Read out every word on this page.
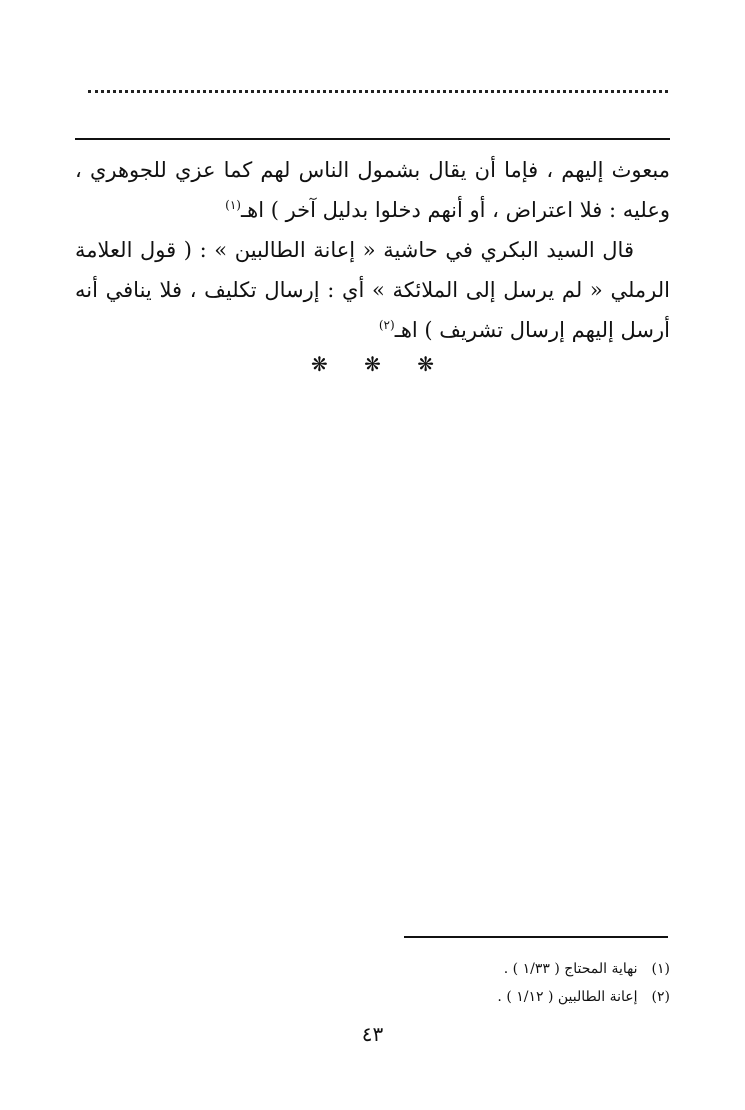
مبعوث إليهم ، فإما أن يقال بشمول الناس لهم كما عزي للجوهري ، وعليه : فلا اعتراض ، أو أنهم دخلوا بدليل آخر ) اهـ$^{(١)}$

قال السيد البكري في حاشية « إعانة الطالبين » : ( قول العلامة الرملي « لم يرسل إلى الملائكة » أي : إرسال تكليف ، فلا ينافي أنه أرسل إليهم إرسال تشريف ) اهـ$^{(٢)}$

❋ ❋ ❋
(١)نهاية المحتاج ( ١/٣٣ ) .
(٢)إعانة الطالبين ( ١/١٢ ) .
٤٣
